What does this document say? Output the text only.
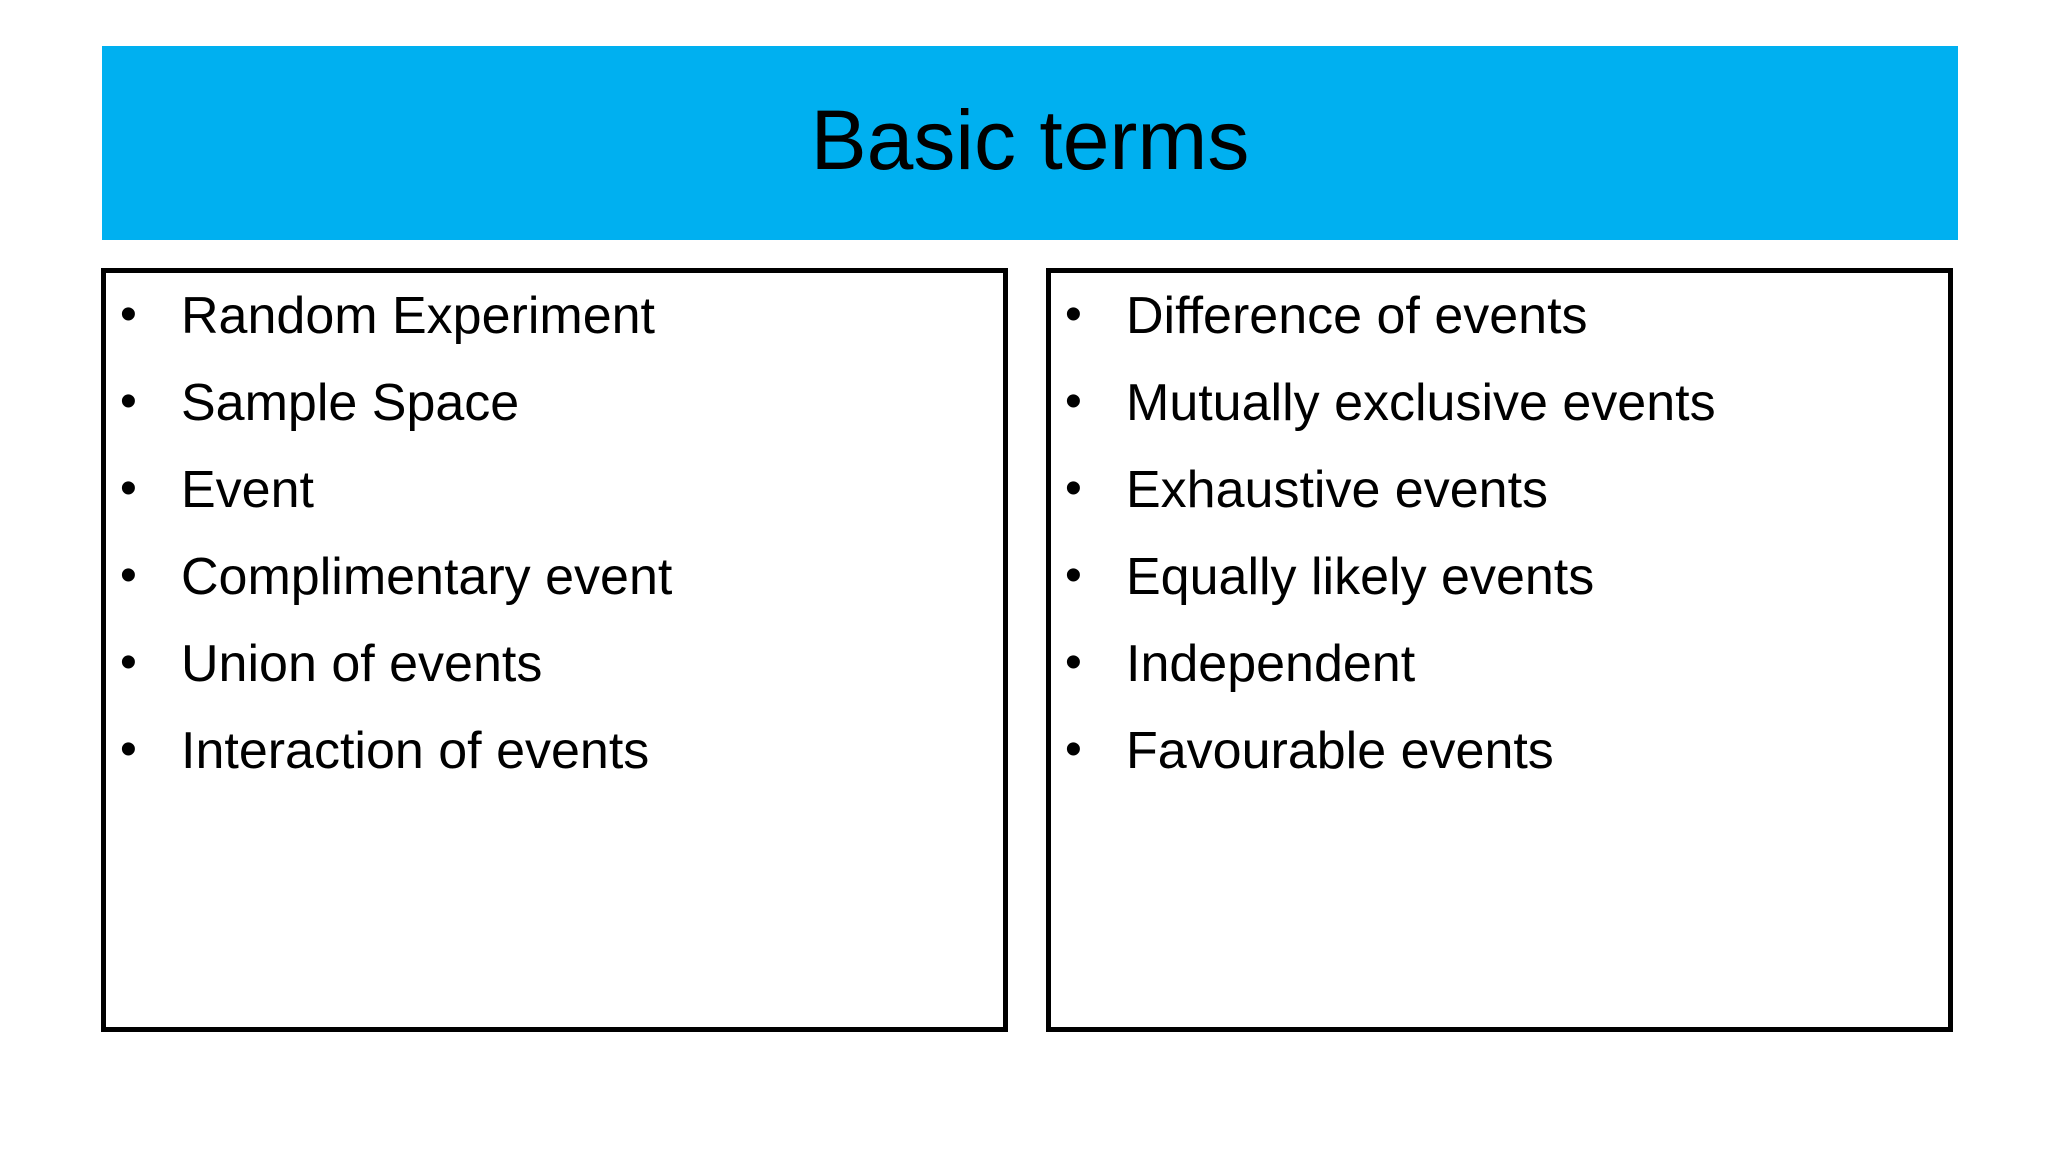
Basic terms
• Random Experiment
• Sample Space
• Event
• Complimentary event
• Union of events
• Interaction of events
• Difference of events
• Mutually exclusive events
• Exhaustive events
• Equally likely events
• Independent
• Favourable events
